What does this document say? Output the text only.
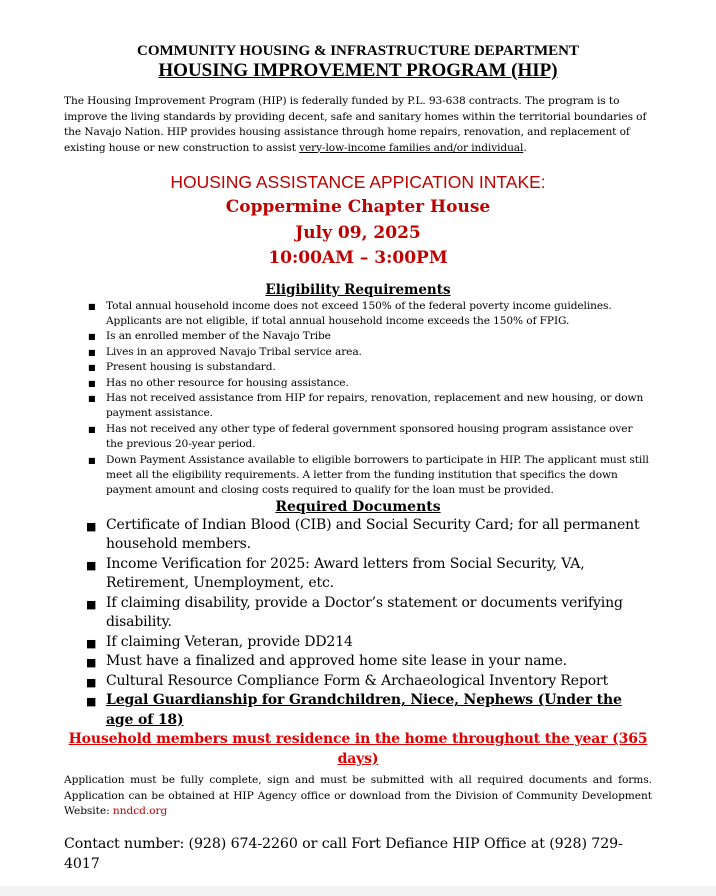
COMMUNITY HOUSING & INFRASTRUCTURE DEPARTMENT
HOUSING IMPROVEMENT PROGRAM (HIP)
The Housing Improvement Program (HIP) is federally funded by P.L. 93-638 contracts. The program is to improve the living standards by providing decent, safe and sanitary homes within the territorial boundaries of the Navajo Nation. HIP provides housing assistance through home repairs, renovation, and replacement of existing house or new construction to assist very-low-income families and/or individual.
HOUSING ASSISTANCE APPICATION INTAKE:
Coppermine Chapter House
July 09, 2025
10:00AM – 3:00PM
Eligibility Requirements
■ Total annual household income does not exceed 150% of the federal poverty income guidelines. Applicants are not eligible, if total annual household income exceeds the 150% of FPIG.
■ Is an enrolled member of the Navajo Tribe
■ Lives in an approved Navajo Tribal service area.
■ Present housing is substandard.
■ Has no other resource for housing assistance.
■ Has not received assistance from HIP for repairs, renovation, replacement and new housing, or down payment assistance.
■ Has not received any other type of federal government sponsored housing program assistance over the previous 20-year period.
■ Down Payment Assistance available to eligible borrowers to participate in HIP. The applicant must still meet all the eligibility requirements. A letter from the funding institution that specifics the down payment amount and closing costs required to qualify for the loan must be provided.
Required Documents
■ Certificate of Indian Blood (CIB) and Social Security Card; for all permanent household members.
■ Income Verification for 2025: Award letters from Social Security, VA, Retirement, Unemployment, etc.
■ If claiming disability, provide a Doctor’s statement or documents verifying disability.
■ If claiming Veteran, provide DD214
■ Must have a finalized and approved home site lease in your name.
■ Cultural Resource Compliance Form & Archaeological Inventory Report
■ Legal Guardianship for Grandchildren, Niece, Nephews (Under the age of 18)
Household members must residence in the home throughout the year (365 days)
Application must be fully complete, sign and must be submitted with all required documents and forms. Application can be obtained at HIP Agency office or download from the Division of Community Development Website: nndcd.org
Contact number: (928) 674-2260 or call Fort Defiance HIP Office at (928) 729-4017
